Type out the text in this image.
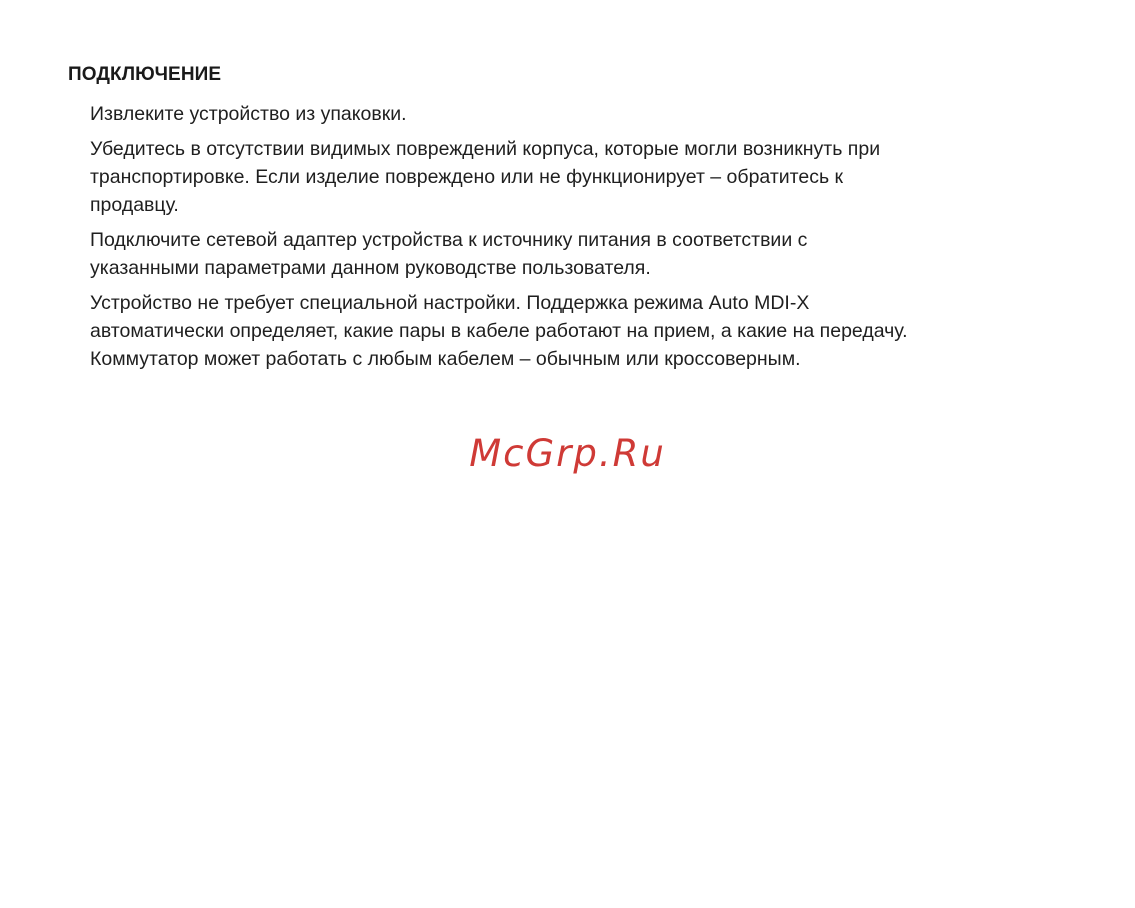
ПОДКЛЮЧЕНИЕ

Извлеките устройство из упаковки.

Убедитесь в отсутствии видимых повреждений корпуса, которые могли возникнуть при
транспортировке. Если изделие повреждено или не функционирует – обратитесь к
продавцу.

Подключите сетевой адаптер устройства к источнику питания в соответствии с
указанными параметрами данном руководстве пользователя.

Устройство не требует специальной настройки. Поддержка режима Auto MDI-X
автоматически определяет, какие пары в кабеле работают на прием, а какие на передачу.
Коммутатор может работать с любым кабелем – обычным или кроссоверным.

McGrp.Ru
